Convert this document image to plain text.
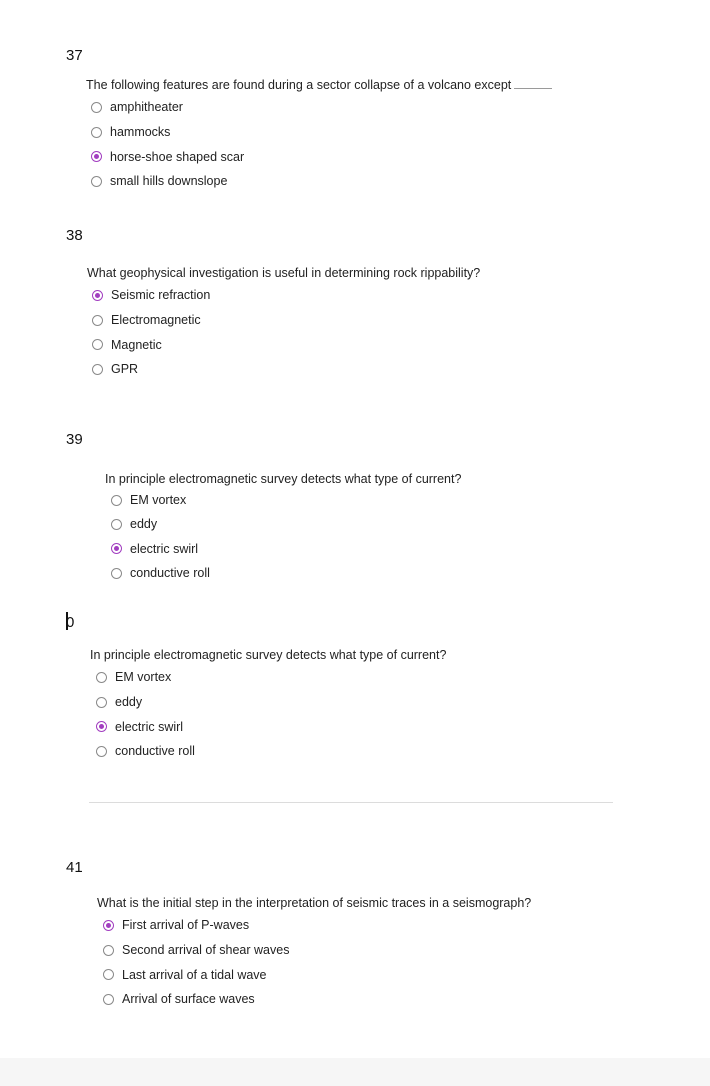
37
The following features are found during a sector collapse of a volcano except
amphitheater
hammocks
horse-shoe shaped scar
small hills downslope
38
What geophysical investigation is useful in determining rock rippability?
Seismic refraction
Electromagnetic
Magnetic
GPR
39
In principle electromagnetic survey detects what type of current?
EM vortex
eddy
electric swirl
conductive roll
0
In principle electromagnetic survey detects what type of current?
EM vortex
eddy
electric swirl
conductive roll
41
What is the initial step in the interpretation of seismic traces in a seismograph?
First arrival of P-waves
Second arrival of shear waves
Last arrival of a tidal wave
Arrival of surface waves
